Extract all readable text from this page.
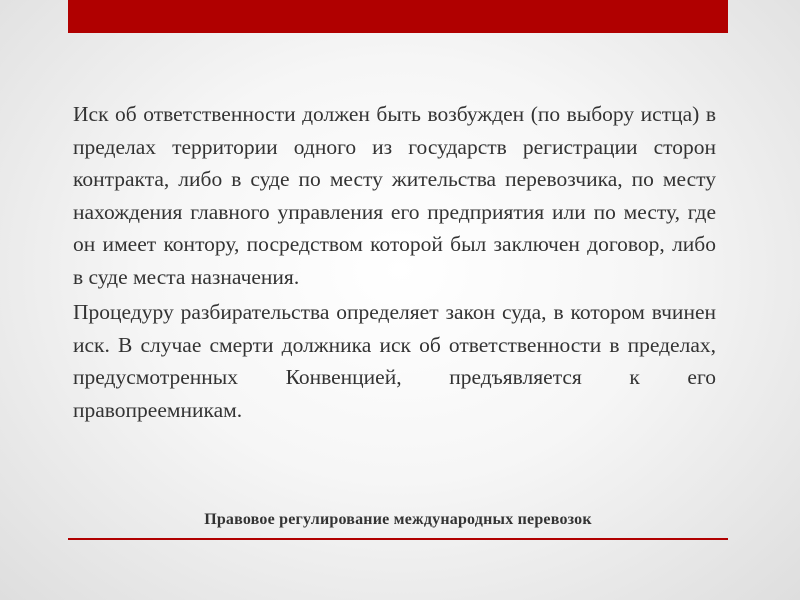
Иск об ответственности должен быть возбужден (по выбору истца) в пределах территории одного из государств регистрации сторон контракта, либо в суде по месту жительства перевозчика, по месту нахождения главного управления его предприятия или по месту, где он имеет контору, посредством которой был заключен договор, либо в суде места назначения.

Процедуру разбирательства определяет закон суда, в котором вчинен иск. В случае смерти должника иск об ответственности в пределах, предусмотренных Конвенцией, предъявляется к его правопреемникам.

Правовое регулирование международных перевозок
